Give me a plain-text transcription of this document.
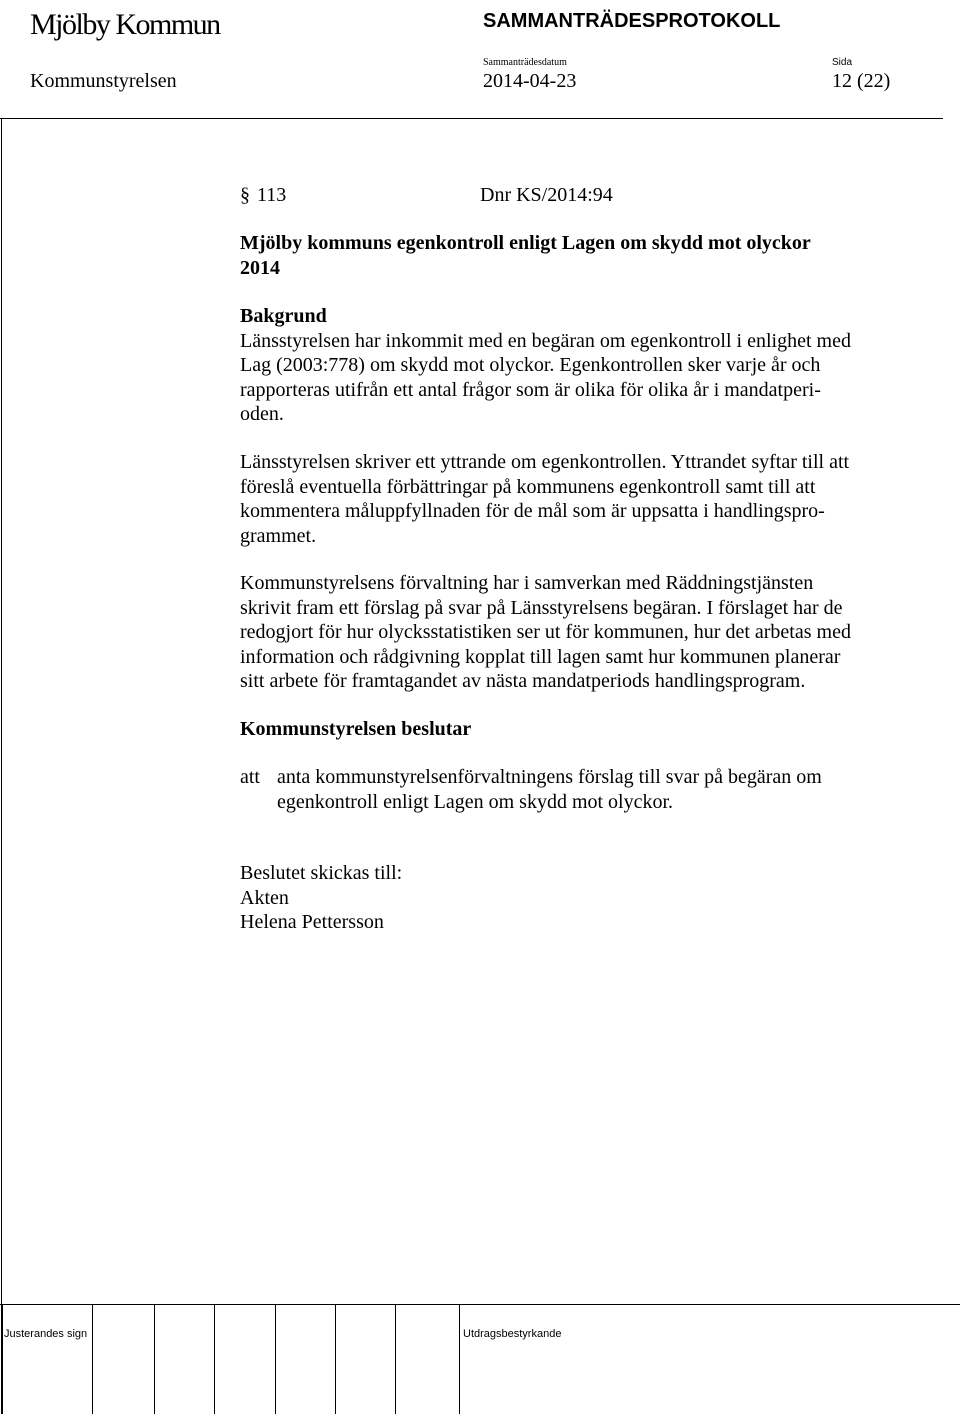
Mjölby Kommun	SAMMANTRÄDESPROTOKOLL
Sammanträdesdatum	Sida
Kommunstyrelsen	2014-04-23	12 (22)
§ 113	Dnr KS/2014:94

Mjölby kommuns egenkontroll enligt Lagen om skydd mot olyckor

2014

Bakgrund

Länsstyrelsen har inkommit med en begäran om egenkontroll i enlighet med

Lag (2003:778) om skydd mot olyckor. Egenkontrollen sker varje år och

rapporteras utifrån ett antal frågor som är olika för olika år i mandatperi-

oden.

Länsstyrelsen skriver ett yttrande om egenkontrollen. Yttrandet syftar till att

föreslå eventuella förbättringar på kommunens egenkontroll samt till att

kommentera måluppfyllnaden för de mål som är uppsatta i handlingspro-

grammet.

Kommunstyrelsens förvaltning har i samverkan med Räddningstjänsten

skrivit fram ett förslag på svar på Länsstyrelsens begäran. I förslaget har de

redogjort för hur olycksstatistiken ser ut för kommunen, hur det arbetas med

information och rådgivning kopplat till lagen samt hur kommunen planerar

sitt arbete för framtagandet av nästa mandatperiods handlingsprogram.

Kommunstyrelsen beslutar
att anta kommunstyrelsenförvaltningens förslag till svar på begäran om

egenkontroll enligt Lagen om skydd mot olyckor.

Beslutet skickas till:

Akten

Helena Pettersson

Justerandes sign	Utdragsbestyrkande
